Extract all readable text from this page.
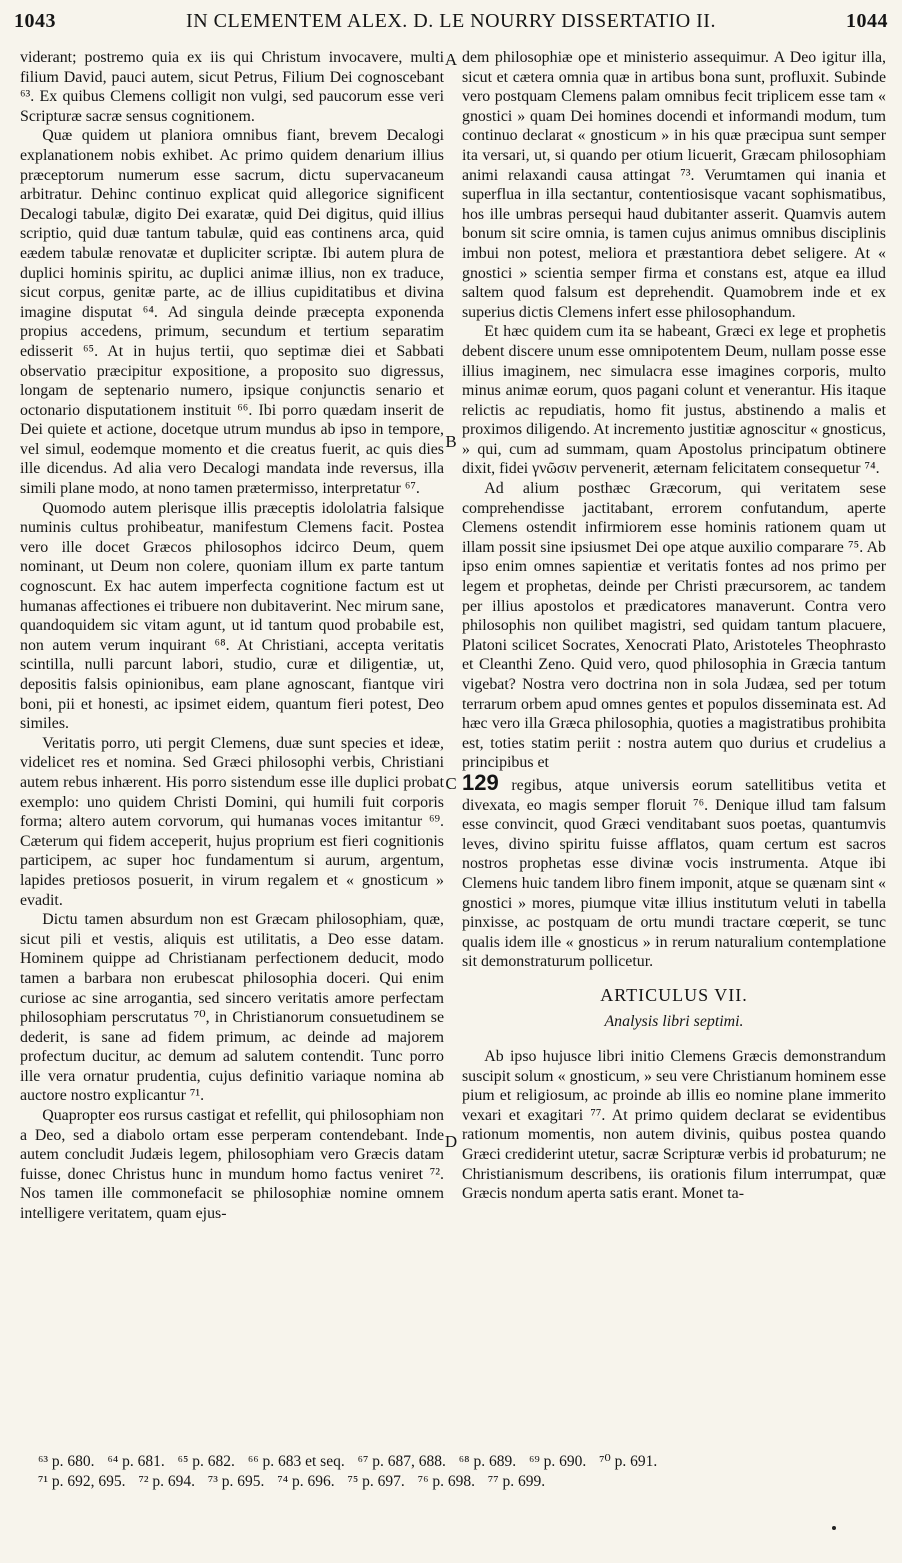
1043	IN CLEMENTEM ALEX. D. LE NOURRY DISSERTATIO II.	1044
A
B
C
D

viderant; postremo quia ex iis qui Christum invocavere, multi filium David, pauci autem, sicut Petrus, Filium Dei cognoscebant ⁶³. Ex quibus Clemens colligit non vulgi, sed paucorum esse veri Scripturæ sacræ sensus cognitionem.

Quæ quidem ut planiora omnibus fiant, brevem Decalogi explanationem nobis exhibet. Ac primo quidem denarium illius præceptorum numerum esse sacrum, dictu supervacaneum arbitratur. Dehinc continuo explicat quid allegorice significent Decalogi tabulæ, digito Dei exaratæ, quid Dei digitus, quid illius scriptio, quid duæ tantum tabulæ, quid eas continens arca, quid eædem tabulæ renovatæ et dupliciter scriptæ. Ibi autem plura de duplici hominis spiritu, ac duplici animæ illius, non ex traduce, sicut corpus, genitæ parte, ac de illius cupiditatibus et divina imagine disputat ⁶⁴. Ad singula deinde præcepta exponenda propius accedens, primum, secundum et tertium separatim edisserit ⁶⁵. At in hujus tertii, quo septimæ diei et Sabbati observatio præcipitur expositione, a proposito suo digressus, longam de septenario numero, ipsique conjunctis senario et octonario disputationem instituit ⁶⁶. Ibi porro quædam inserit de Dei quiete et actione, docetque utrum mundus ab ipso in tempore, vel simul, eodemque momento et die creatus fuerit, ac quis dies ille dicendus. Ad alia vero Decalogi mandata inde reversus, illa simili plane modo, at nono tamen prætermisso, interpretatur ⁶⁷.

Quomodo autem plerisque illis præceptis idololatria falsique numinis cultus prohibeatur, manifestum Clemens facit. Postea vero ille docet Græcos philosophos idcirco Deum, quem nominant, ut Deum non colere, quoniam illum ex parte tantum cognoscunt. Ex hac autem imperfecta cognitione factum est ut humanas affectiones ei tribuere non dubitaverint. Nec mirum sane, quandoquidem sic vitam agunt, ut id tantum quod probabile est, non autem verum inquirant ⁶⁸. At Christiani, accepta veritatis scintilla, nulli parcunt labori, studio, curæ et diligentiæ, ut, depositis falsis opinionibus, eam plane agnoscant, fiantque viri boni, pii et honesti, ac ipsimet eidem, quantum fieri potest, Deo similes.

Veritatis porro, uti pergit Clemens, duæ sunt species et ideæ, videlicet res et nomina. Sed Græci philosophi verbis, Christiani autem rebus inhærent. His porro sistendum esse ille duplici probat exemplo: uno quidem Christi Domini, qui humili fuit corporis forma; altero autem corvorum, qui humanas voces imitantur ⁶⁹. Cæterum qui fidem acceperit, hujus proprium est fieri cognitionis participem, ac super hoc fundamentum si aurum, argentum, lapides pretiosos posuerit, in virum regalem et « gnosticum » evadit.

Dictu tamen absurdum non est Græcam philosophiam, quæ, sicut pili et vestis, aliquis est utilitatis, a Deo esse datam. Hominem quippe ad Christianam perfectionem deducit, modo tamen a barbara non erubescat philosophia doceri. Qui enim curiose ac sine arrogantia, sed sincero veritatis amore perfectam philosophiam perscrutatus ⁷⁰, in Christianorum consuetudinem se dederit, is sane ad fidem primum, ac deinde ad majorem profectum ducitur, ac demum ad salutem contendit. Tunc porro ille vera ornatur prudentia, cujus definitio variaque nomina ab auctore nostro explicantur ⁷¹.

Quapropter eos rursus castigat et refellit, qui philosophiam non a Deo, sed a diabolo ortam esse perperam contendebant. Inde autem concludit Judæis legem, philosophiam vero Græcis datam fuisse, donec Christus hunc in mundum homo factus veniret ⁷². Nos tamen ille commonefacit se philosophiæ nomine omnem intelligere veritatem, quam ejus-

dem philosophiæ ope et ministerio assequimur. A Deo igitur illa, sicut et cætera omnia quæ in artibus bona sunt, profluxit. Subinde vero postquam Clemens palam omnibus fecit triplicem esse tam « gnostici » quam Dei homines docendi et informandi modum, tum continuo declarat « gnosticum » in his quæ præcipua sunt semper ita versari, ut, si quando per otium licuerit, Græcam philosophiam animi relaxandi causa attingat ⁷³. Verumtamen qui inania et superflua in illa sectantur, contentiosisque vacant sophismatibus, hos ille umbras persequi haud dubitanter asserit. Quamvis autem bonum sit scire omnia, is tamen cujus animus omnibus disciplinis imbui non potest, meliora et præstantiora debet seligere. At « gnostici » scientia semper firma et constans est, atque ea illud saltem quod falsum est deprehendit. Quamobrem inde et ex superius dictis Clemens infert esse philosophandum.

Et hæc quidem cum ita se habeant, Græci ex lege et prophetis debent discere unum esse omnipotentem Deum, nullam posse esse illius imaginem, nec simulacra esse imagines corporis, multo minus animæ eorum, quos pagani colunt et venerantur. His itaque relictis ac repudiatis, homo fit justus, abstinendo a malis et proximos diligendo. At incremento justitiæ agnoscitur « gnosticus, » qui, cum ad summam, quam Apostolus principatum obtinere dixit, fidei γνῶσιν pervenerit, æternam felicitatem consequetur ⁷⁴.

Ad alium posthæc Græcorum, qui veritatem sese comprehendisse jactitabant, errorem confutandum, aperte Clemens ostendit infirmiorem esse hominis rationem quam ut illam possit sine ipsiusmet Dei ope atque auxilio comparare ⁷⁵. Ab ipso enim omnes sapientiæ et veritatis fontes ad nos primo per legem et prophetas, deinde per Christi præcursorem, ac tandem per illius apostolos et prædicatores manaverunt. Contra vero philosophis non quilibet magistri, sed quidam tantum placuere, Platoni scilicet Socrates, Xenocrati Plato, Aristoteles Theophrasto et Cleanthi Zeno. Quid vero, quod philosophia in Græcia tantum vigebat? Nostra vero doctrina non in sola Judæa, sed per totum terrarum orbem apud omnes gentes et populos disseminata est. Ad hæc vero illa Græca philosophia, quoties a magistratibus prohibita est, toties statim periit : nostra autem quo durius et crudelius a principibus et

129 regibus, atque universis eorum satellitibus vetita et divexata, eo magis semper floruit ⁷⁶. Denique illud tam falsum esse convincit, quod Græci venditabant suos poetas, quantumvis leves, divino spiritu fuisse afflatos, quam certum est sacros nostros prophetas esse divinæ vocis instrumenta. Atque ibi Clemens huic tandem libro finem imponit, atque se quænam sint « gnostici » mores, piumque vitæ illius institutum veluti in tabella pinxisse, ac postquam de ortu mundi tractare cœperit, se tunc qualis idem ille « gnosticus » in rerum naturalium contemplatione sit demonstraturum pollicetur.

ARTICULUS VII.

Analysis libri septimi.

Ab ipso hujusce libri initio Clemens Græcis demonstrandum suscipit solum « gnosticum, » seu vere Christianum hominem esse pium et religiosum, ac proinde ab illis eo nomine plane immerito vexari et exagitari ⁷⁷. At primo quidem declarat se evidentibus rationum momentis, non autem divinis, quibus postea quando Græci crediderint utetur, sacræ Scripturæ verbis id probaturum; ne Christianismum describens, iis orationis filum interrumpat, quæ Græcis nondum aperta satis erant. Monet ta-

⁶³ p. 680. ⁶⁴ p. 681. ⁶⁵ p. 682. ⁶⁶ p. 683 et seq. ⁶⁷ p. 687, 688. ⁶⁸ p. 689. ⁶⁹ p. 690. ⁷⁰ p. 691.
⁷¹ p. 692, 695. ⁷² p. 694. ⁷³ p. 695. ⁷⁴ p. 696. ⁷⁵ p. 697. ⁷⁶ p. 698. ⁷⁷ p. 699.
